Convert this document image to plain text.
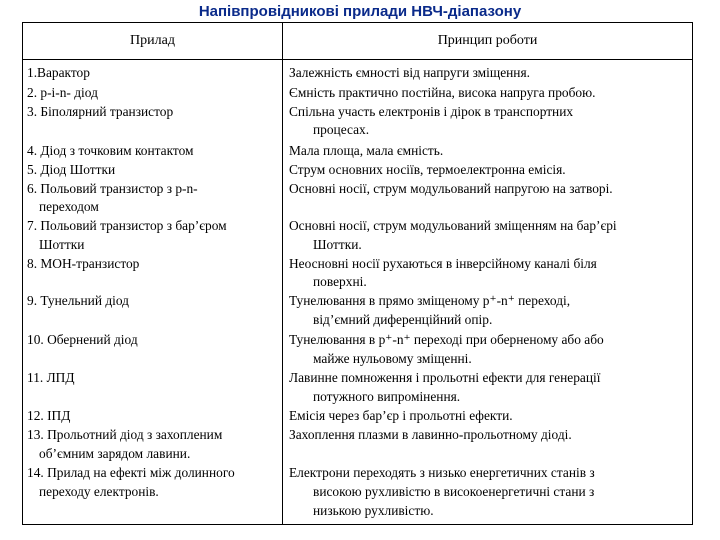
Напівпровідникові прилади НВЧ-діапазону
Прилад	Принцип роботи
1.Варактор
2. p-i-n- діод
3. Біполярний транзистор
4. Діод з точковим контактом
5. Діод Шоттки
6. Польовий транзистор з p-n-
переходом
7. Польовий транзистор з бар’єром
Шоттки
8. МОН-транзистор
9. Тунельний діод
10. Обернений діод
11. ЛПД
12. ІПД
13. Прольотний діод з захопленим
об’ємним зарядом лавини.
14. Прилад на ефекті між долинного
переходу електронів.
Залежність ємності від напруги зміщення.
Ємність практично постійна, висока напруга пробою.
Спільна участь електронів і дірок в транспортних
процесах.
Мала площа, мала ємність.
Струм основних носіїв, термоелектронна емісія.
Основні носії, струм модульований напругою на затворі.
Основні носії, струм модульований зміщенням на бар’єрі
Шоттки.
Неосновні носії рухаються в інверсійному каналі біля
поверхні.
Тунелювання в прямо зміщеному p⁺-n⁺ переході,
від’ємний диференційний опір.
Тунелювання в p⁺-n⁺ переході при оберненому або або
майже нульовому зміщенні.
Лавинне помноження і прольотні ефекти для генерації
потужного випромінення.
Емісія через бар’єр і прольотні ефекти.
Захоплення плазми в лавинно-прольотному діоді.
Електрони переходять з низько енергетичних станів з
високою рухливістю в високоенергетичні стани з
низькою рухливістю.
